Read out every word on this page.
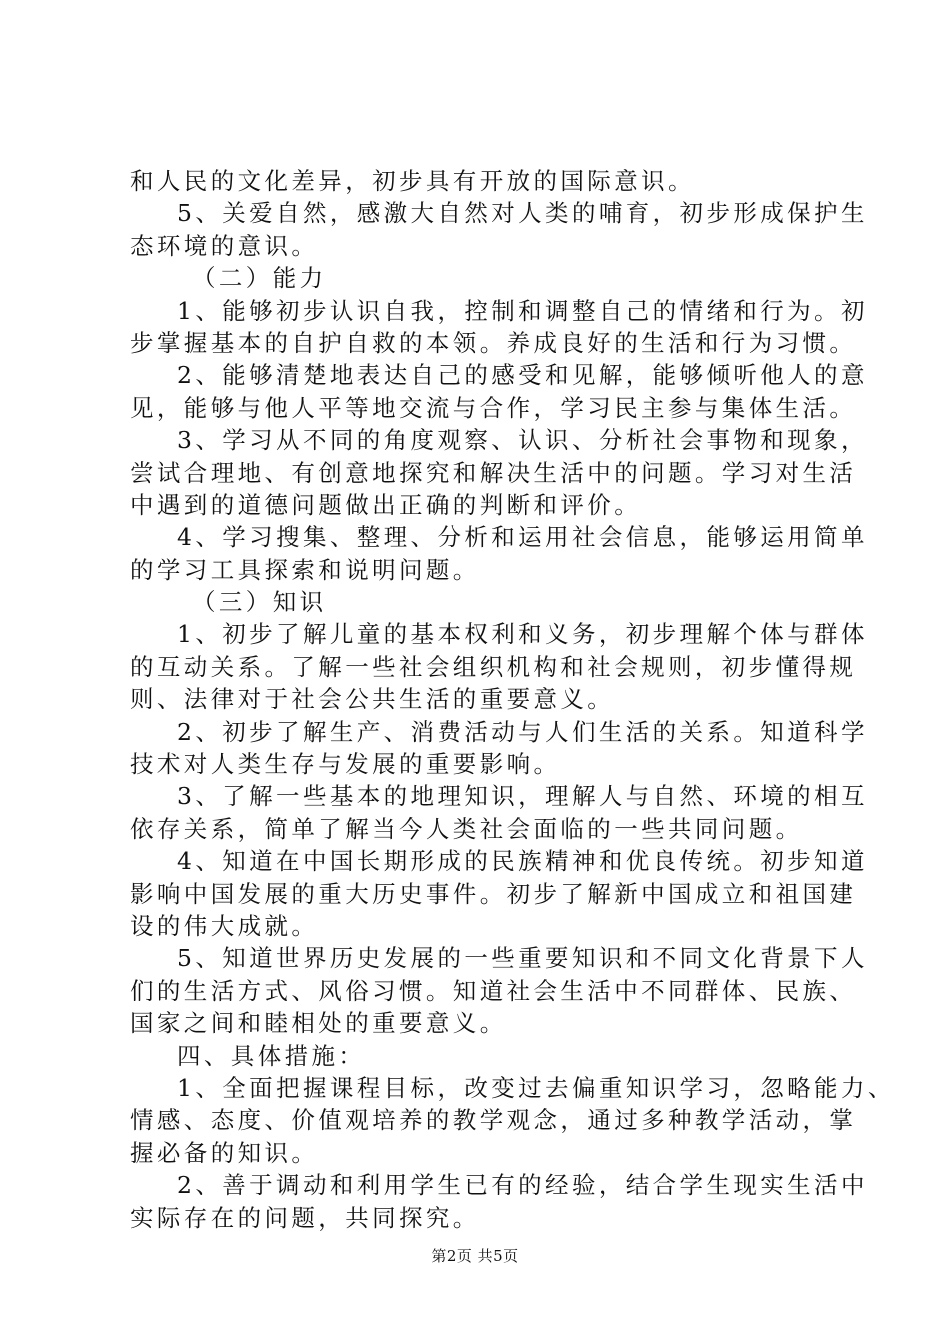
和人民的文化差异，初步具有开放的国际意识。
5、关爱自然，感激大自然对人类的哺育，初步形成保护生
态环境的意识。
（二）能力
1、能够初步认识自我，控制和调整自己的情绪和行为。初
步掌握基本的自护自救的本领。养成良好的生活和行为习惯。
2、能够清楚地表达自己的感受和见解，能够倾听他人的意
见，能够与他人平等地交流与合作，学习民主参与集体生活。
3、学习从不同的角度观察、认识、分析社会事物和现象，
尝试合理地、有创意地探究和解决生活中的问题。学习对生活
中遇到的道德问题做出正确的判断和评价。
4、学习搜集、整理、分析和运用社会信息，能够运用简单
的学习工具探索和说明问题。
（三）知识
1、初步了解儿童的基本权利和义务，初步理解个体与群体
的互动关系。了解一些社会组织机构和社会规则，初步懂得规
则、法律对于社会公共生活的重要意义。
2、初步了解生产、消费活动与人们生活的关系。知道科学
技术对人类生存与发展的重要影响。
3、了解一些基本的地理知识，理解人与自然、环境的相互
依存关系，简单了解当今人类社会面临的一些共同问题。
4、知道在中国长期形成的民族精神和优良传统。初步知道
影响中国发展的重大历史事件。初步了解新中国成立和祖国建
设的伟大成就。
5、知道世界历史发展的一些重要知识和不同文化背景下人
们的生活方式、风俗习惯。知道社会生活中不同群体、民族、
国家之间和睦相处的重要意义。
四、具体措施：
1、全面把握课程目标，改变过去偏重知识学习，忽略能力、
情感、态度、价值观培养的教学观念，通过多种教学活动，掌
握必备的知识。
2、善于调动和利用学生已有的经验，结合学生现实生活中
实际存在的问题，共同探究。
第2页 共5页
